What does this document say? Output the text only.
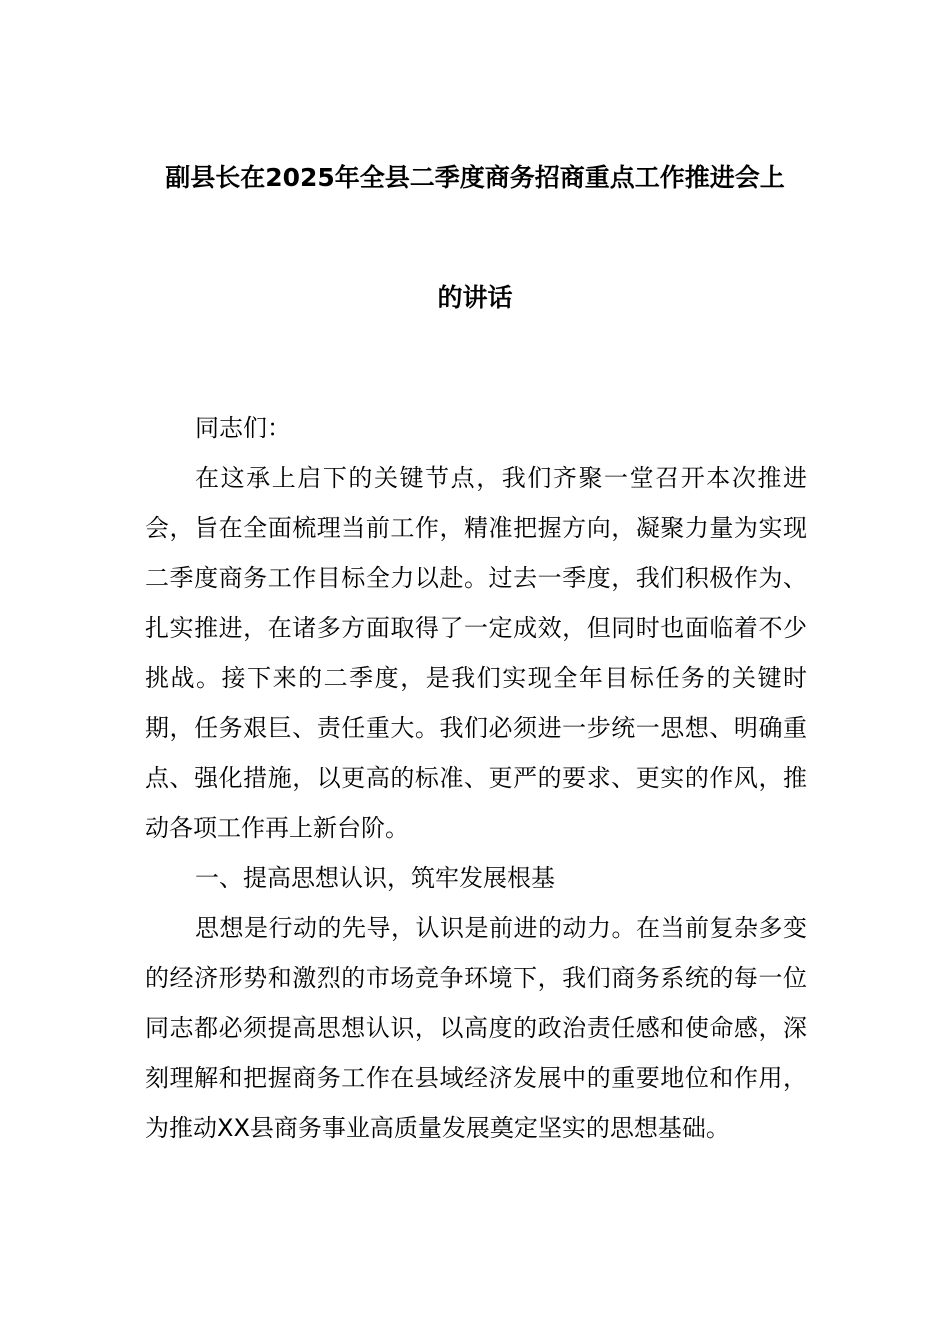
副县长在2025年全县二季度商务招商重点工作推进会上
的讲话

同志们：

在这承上启下的关键节点，我们齐聚一堂召开本次推进会，旨在全面梳理当前工作，精准把握方向，凝聚力量为实现二季度商务工作目标全力以赴。过去一季度，我们积极作为、扎实推进，在诸多方面取得了一定成效，但同时也面临着不少挑战。接下来的二季度，是我们实现全年目标任务的关键时期，任务艰巨、责任重大。我们必须进一步统一思想、明确重点、强化措施，以更高的标准、更严的要求、更实的作风，推动各项工作再上新台阶。

一、提高思想认识，筑牢发展根基

思想是行动的先导，认识是前进的动力。在当前复杂多变的经济形势和激烈的市场竞争环境下，我们商务系统的每一位同志都必须提高思想认识，以高度的政治责任感和使命感，深刻理解和把握商务工作在县域经济发展中的重要地位和作用，为推动XX县商务事业高质量发展奠定坚实的思想基础。
